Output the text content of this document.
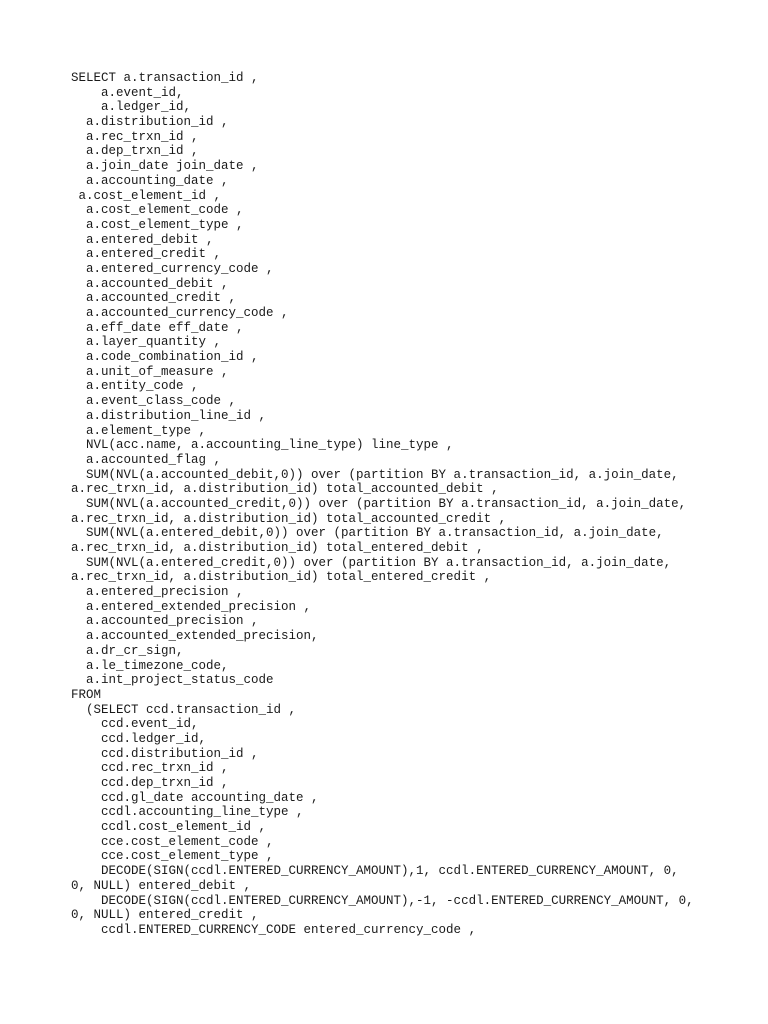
SELECT a.transaction_id ,
a.event_id,
a.ledger_id,
a.distribution_id ,
a.rec_trxn_id ,
a.dep_trxn_id ,
a.join_date join_date ,
a.accounting_date ,
a.cost_element_id ,
a.cost_element_code ,
a.cost_element_type ,
a.entered_debit ,
a.entered_credit ,
a.entered_currency_code ,
a.accounted_debit ,
a.accounted_credit ,
a.accounted_currency_code ,
a.eff_date eff_date ,
a.layer_quantity ,
a.code_combination_id ,
a.unit_of_measure ,
a.entity_code ,
a.event_class_code ,
a.distribution_line_id ,
a.element_type ,
NVL(acc.name, a.accounting_line_type) line_type ,
a.accounted_flag ,
SUM(NVL(a.accounted_debit,0)) over (partition BY a.transaction_id, a.join_date,
a.rec_trxn_id, a.distribution_id) total_accounted_debit ,
SUM(NVL(a.accounted_credit,0)) over (partition BY a.transaction_id, a.join_date,
a.rec_trxn_id, a.distribution_id) total_accounted_credit ,
SUM(NVL(a.entered_debit,0)) over (partition BY a.transaction_id, a.join_date,
a.rec_trxn_id, a.distribution_id) total_entered_debit ,
SUM(NVL(a.entered_credit,0)) over (partition BY a.transaction_id, a.join_date,
a.rec_trxn_id, a.distribution_id) total_entered_credit ,
a.entered_precision ,
a.entered_extended_precision ,
a.accounted_precision ,
a.accounted_extended_precision,
a.dr_cr_sign,
a.le_timezone_code,
a.int_project_status_code
FROM
(SELECT ccd.transaction_id ,
ccd.event_id,
ccd.ledger_id,
ccd.distribution_id ,
ccd.rec_trxn_id ,
ccd.dep_trxn_id ,
ccd.gl_date accounting_date ,
ccdl.accounting_line_type ,
ccdl.cost_element_id ,
cce.cost_element_code ,
cce.cost_element_type ,
DECODE(SIGN(ccdl.ENTERED_CURRENCY_AMOUNT),1, ccdl.ENTERED_CURRENCY_AMOUNT, 0,
0, NULL) entered_debit ,
DECODE(SIGN(ccdl.ENTERED_CURRENCY_AMOUNT),-1, -ccdl.ENTERED_CURRENCY_AMOUNT, 0,
0, NULL) entered_credit ,
ccdl.ENTERED_CURRENCY_CODE entered_currency_code ,
